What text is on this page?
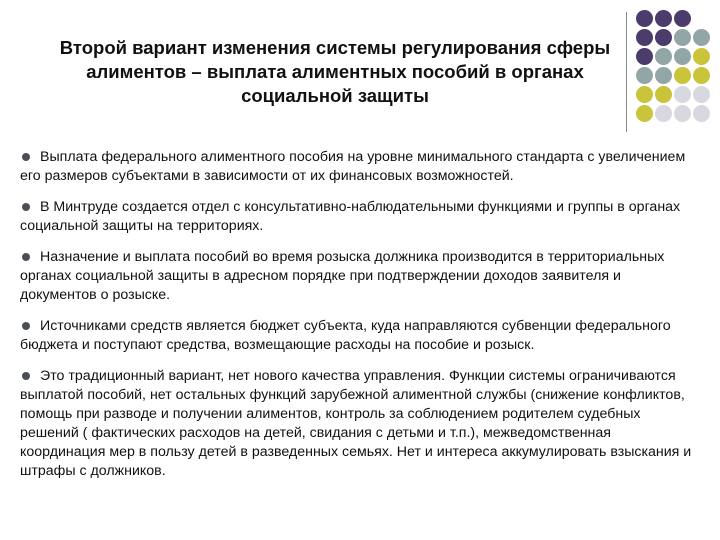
Второй вариант изменения системы регулирования сферы алиментов – выплата алиментных пособий в органах социальной защиты
Выплата федерального алиментного пособия на уровне минимального стандарта с увеличением его размеров субъектами в зависимости от их финансовых возможностей.
В Минтруде создается отдел с консультативно-наблюдательными функциями и группы в органах социальной защиты на территориях.
Назначение и выплата пособий во время розыска должника производится в территориальных органах социальной защиты в адресном порядке при подтверждении доходов заявителя и документов о розыске.
Источниками средств является бюджет субъекта, куда направляются субвенции федерального бюджета и поступают средства, возмещающие расходы на пособие и розыск.
Это традиционный вариант, нет нового качества управления. Функции системы ограничиваются выплатой пособий, нет остальных функций зарубежной алиментной службы (снижение конфликтов, помощь при разводе и получении алиментов, контроль за соблюдением родителем судебных решений ( фактических расходов на детей, свидания с детьми и т.п.), межведомственная координация мер в пользу детей в разведенных семьях. Нет и интереса аккумулировать взыскания и штрафы с должников.
